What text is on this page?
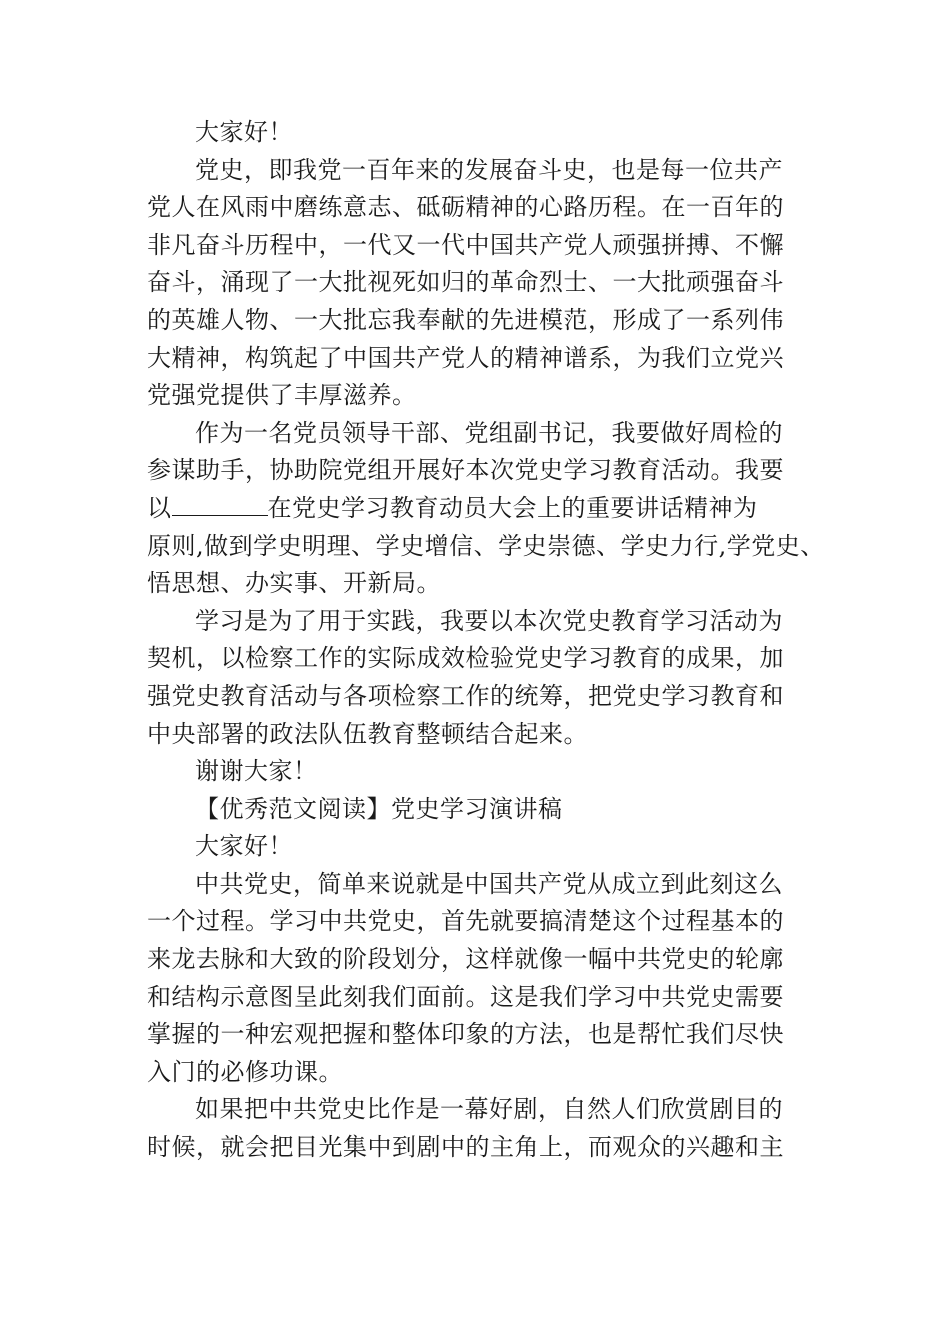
大家好！
党史，即我党一百年来的发展奋斗史，也是每一位共产
党人在风雨中磨练意志、砥砺精神的心路历程。在一百年的
非凡奋斗历程中，一代又一代中国共产党人顽强拼搏、不懈
奋斗，涌现了一大批视死如归的革命烈士、一大批顽强奋斗
的英雄人物、一大批忘我奉献的先进模范，形成了一系列伟
大精神，构筑起了中国共产党人的精神谱系，为我们立党兴
党强党提供了丰厚滋养。
作为一名党员领导干部、党组副书记，我要做好周检的
参谋助手，协助院党组开展好本次党史学习教育活动。我要
以	在党史学习教育动员大会上的重要讲话精神为
原则,做到学史明理、学史增信、学史崇德、学史力行,学党史、
悟思想、办实事、开新局。
学习是为了用于实践，我要以本次党史教育学习活动为
契机，以检察工作的实际成效检验党史学习教育的成果，加
强党史教育活动与各项检察工作的统筹，把党史学习教育和
中央部署的政法队伍教育整顿结合起来。
谢谢大家！
【优秀范文阅读】党史学习演讲稿
大家好！
中共党史，简单来说就是中国共产党从成立到此刻这么
一个过程。学习中共党史，首先就要搞清楚这个过程基本的
来龙去脉和大致的阶段划分，这样就像一幅中共党史的轮廓
和结构示意图呈此刻我们面前。这是我们学习中共党史需要
掌握的一种宏观把握和整体印象的方法，也是帮忙我们尽快
入门的必修功课。
如果把中共党史比作是一幕好剧，自然人们欣赏剧目的
时候，就会把目光集中到剧中的主角上，而观众的兴趣和主
